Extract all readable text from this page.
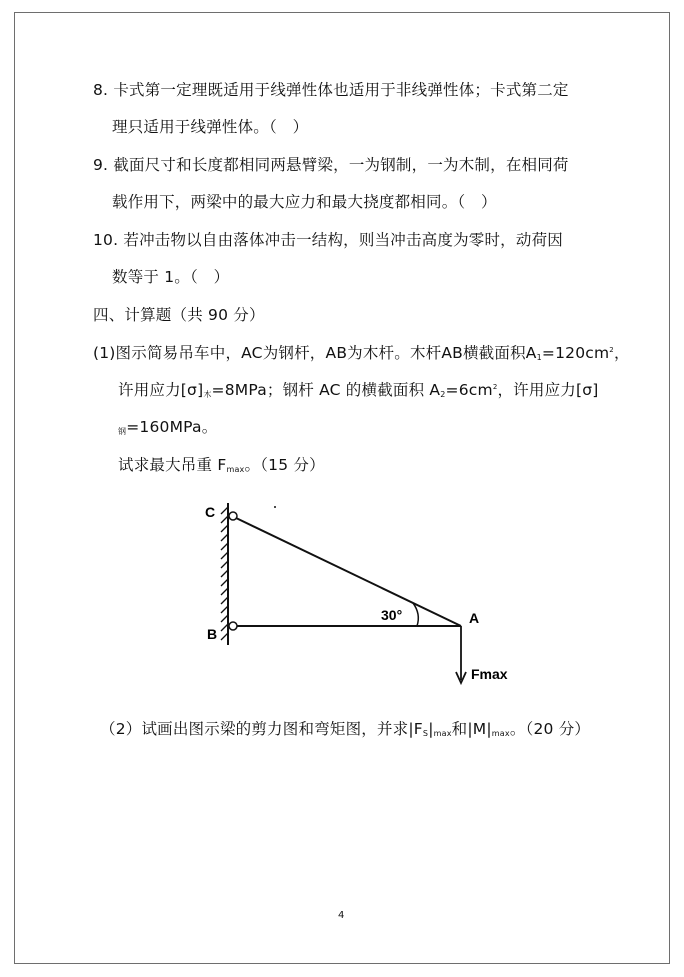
8. 卡式第一定理既适用于线弹性体也适用于非线弹性体；卡式第二定
理只适用于线弹性体。（　）
9. 截面尺寸和长度都相同两悬臂梁，一为钢制，一为木制，在相同荷
载作用下，两梁中的最大应力和最大挠度都相同。（　）
10. 若冲击物以自由落体冲击一结构，则当冲击高度为零时，动荷因
数等于 1。（　）
四、计算题（共 90 分）
(1)图示简易吊车中，AC为钢杆，AB为木杆。木杆AB横截面积$A_1=120cm^2$，
许用应力$[\sigma]_木=8MPa$；钢杆 AC 的横截面积 $A_2=6cm^2$，许用应力[σ]
$_钢$=160MPa。
试求最大吊重 $F_{max}$。（15 分）
C
B
A
30°
Fmax
（2）试画出图示梁的剪力图和弯矩图，并求$|F_S|_{max}$和$|M|_{max}$。（20 分）
4
